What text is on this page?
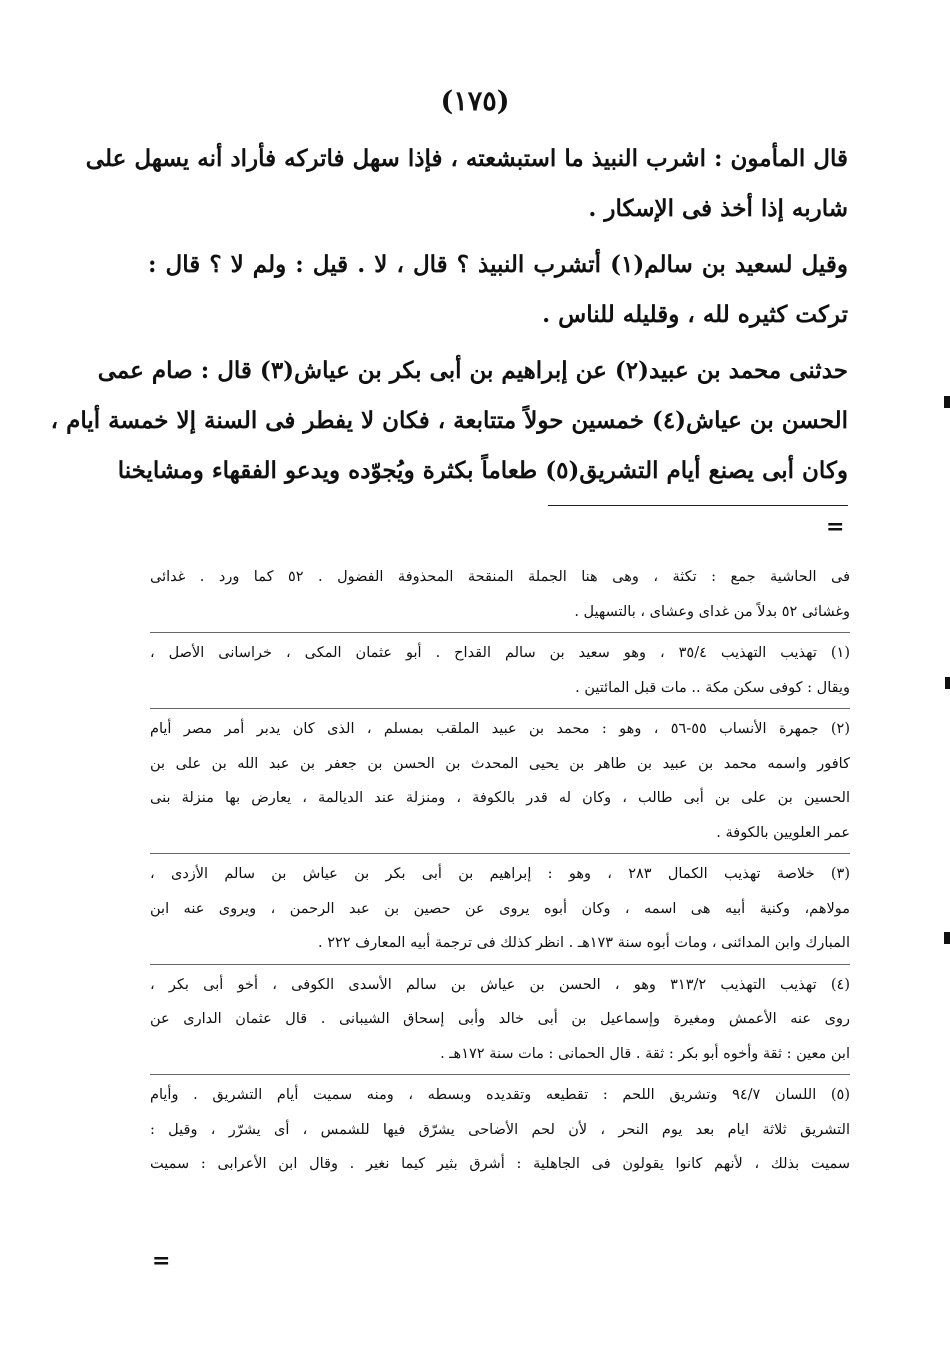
(١٧٥)

قال المأمون : اشرب النبيذ ما استبشعته ، فإذا سهل فاتركه فأراد أنه يسهل على
شاربه إذا أخذ فى الإسكار .

وقيل لسعيد بن سالم(١) أتشرب النبيذ ؟ قال ، لا . قيل : ولم لا ؟ قال :
تركت كثيره لله ، وقليله للناس .

حدثنى محمد بن عبيد(٢) عن إبراهيم بن أبى بكر بن عياش(٣) قال : صام عمى
الحسن بن عياش(٤) خمسين حولاً متتابعة ، فكان لا يفطر فى السنة إلا خمسة أيام ،
وكان أبى يصنع أيام التشريق(٥) طعاماً بكثرة ويُجوّده ويدعو الفقهاء ومشايخنا

=
فى الحاشية جمع : تكثة ، وهى هنا الجملة المنقحة المحذوفة الفضول . ٥٢ كما ورد . غدائى
وغشائى ٥٢ بدلاً من غداى وعشاى ، بالتسهيل .
(١) تهذيب التهذيب ٣٥/٤ ، وهو سعيد بن سالم القداح . أبو عثمان المكى ، خراسانى الأصل ،
ويقال : كوفى سكن مكة .. مات قبل المائتين .
(٢) جمهرة الأنساب ٥٥-٥٦ ، وهو : محمد بن عبيد الملقب بمسلم ، الذى كان يدبر أمر مصر أيام
كافور واسمه محمد بن عبيد بن طاهر بن يحيى المحدث بن الحسن بن جعفر بن عبد الله بن على بن
الحسين بن على بن أبى طالب ، وكان له قدر بالكوفة ، ومنزلة عند الديالمة ، يعارض بها منزلة بنى
عمر العلويين بالكوفة .
(٣) خلاصة تهذيب الكمال ٢٨٣ ، وهو : إبراهيم بن أبى بكر بن عياش بن سالم الأزدى ،
مولاهم، وكنية أبيه هى اسمه ، وكان أبوه يروى عن حصين بن عبد الرحمن ، ويروى عنه ابن
المبارك وابن المدائنى ، ومات أبوه سنة ١٧٣هـ . انظر كذلك فى ترجمة أبيه المعارف ٢٢٢ .
(٤) تهذيب التهذيب ٣١٣/٢ وهو ، الحسن بن عياش بن سالم الأسدى الكوفى ، أخو أبى بكر ،
روى عنه الأعمش ومغيرة وإسماعيل بن أبى خالد وأبى إسحاق الشيبانى . قال عثمان الدارى عن
ابن معين : ثقة وأخوه أبو بكر : ثقة . قال الحمانى : مات سنة ١٧٢هـ .
(٥) اللسان ٩٤/٧ وتشريق اللحم : تقطيعه وتقديده وبسطه ، ومنه سميت أيام التشريق . وأيام
التشريق ثلاثة ايام بعد يوم النحر ، لأن لحم الأضاحى يشرّق فيها للشمس ، أى يشرّر ، وقيل :
سميت بذلك ، لأنهم كانوا يقولون فى الجاهلية : أشرق بثير كيما نغير . وقال ابن الأعرابى : سميت
=
